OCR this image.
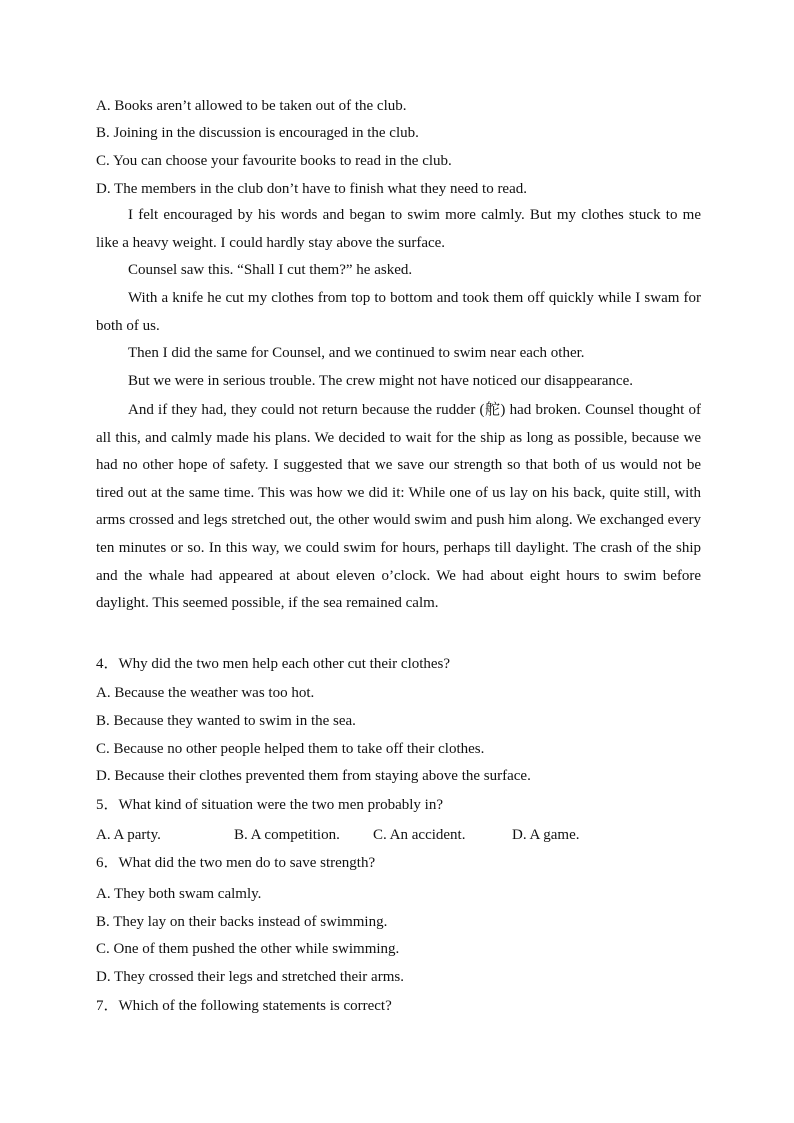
A. Books aren’t allowed to be taken out of the club.
B. Joining in the discussion is encouraged in the club.
C. You can choose your favourite books to read in the club.
D. The members in the club don’t have to finish what they need to read.
I felt encouraged by his words and began to swim more calmly. But my clothes stuck to me like a heavy weight. I could hardly stay above the surface.
Counsel saw this. “Shall I cut them?” he asked.
With a knife he cut my clothes from top to bottom and took them off quickly while I swam for both of us.
Then I did the same for Counsel, and we continued to swim near each other.
But we were in serious trouble. The crew might not have noticed our disappearance.
And if they had, they could not return because the rudder (舵) had broken. Counsel thought of all this, and calmly made his plans. We decided to wait for the ship as long as possible, because we had no other hope of safety. I suggested that we save our strength so that both of us would not be tired out at the same time. This was how we did it: While one of us lay on his back, quite still, with arms crossed and legs stretched out, the other would swim and push him along. We exchanged every ten minutes or so. In this way, we could swim for hours, perhaps till daylight. The crash of the ship and the whale had appeared at about eleven o’clock. We had about eight hours to swim before daylight. This seemed possible, if the sea remained calm.
4．Why did the two men help each other cut their clothes?
A. Because the weather was too hot.
B. Because they wanted to swim in the sea.
C. Because no other people helped them to take off their clothes.
D. Because their clothes prevented them from staying above the surface.
5．What kind of situation were the two men probably in?
A. A party.	B. A competition. C. An accident.	D. A game.
6．What did the two men do to save strength?
A. They both swam calmly.
B. They lay on their backs instead of swimming.
C. One of them pushed the other while swimming.
D. They crossed their legs and stretched their arms.
7．Which of the following statements is correct?
